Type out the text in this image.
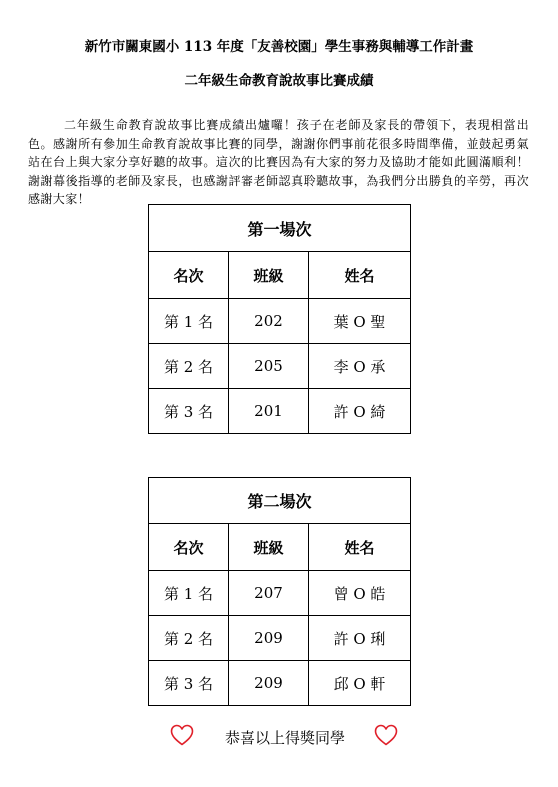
新竹市關東國小 113 年度「友善校園」學生事務與輔導工作計畫
二年級生命教育說故事比賽成績

二年級生命教育說故事比賽成績出爐囉！孩子在老師及家長的帶領下，表現相當出色。感謝所有參加生命教育說故事比賽的同學，謝謝你們事前花很多時間準備，並鼓起勇氣站在台上與大家分享好聽的故事。這次的比賽因為有大家的努力及協助才能如此圓滿順利！謝謝幕後指導的老師及家長，也感謝評審老師認真聆聽故事，為我們分出勝負的辛勞，再次感謝大家！

第一場次		
名次	班級	姓名
第 1 名	202	葉 O 聖
第 2 名	205	李 O 承
第 3 名	201	許 O 綺
第二場次		
名次	班級	姓名
第 1 名	207	曾 O 皓
第 2 名	209	許 O 琍
第 3 名	209	邱 O 軒
恭喜以上得獎同學
